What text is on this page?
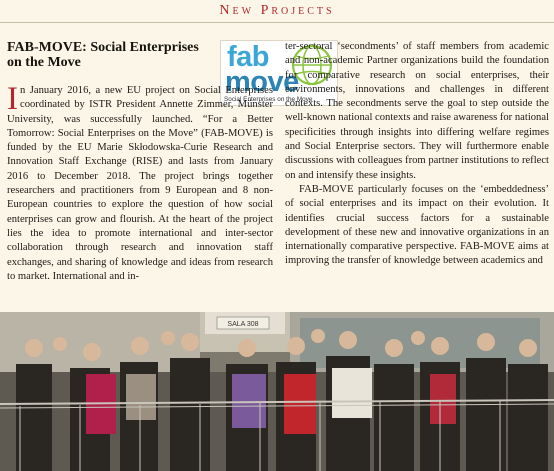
New Projects
FAB-MOVE: Social Enterprises on the Move	fab
move
Social Enterprises on the Move
In January 2016, a new EU project on Social Enterprises coordinated by ISTR President Annette Zimmer, Münster University, was successfully launched. “For a Better Tomorrow: Social Enterprises on the Move” (FAB-MOVE) is funded by the EU Marie Skłodowska-Curie Research and Innovation Staff Exchange (RISE) and lasts from January 2016 to December 2018. The project brings together researchers and practitioners from 9 European and 8 non-European countries to explore the question of how social enterprises can grow and flourish. At the heart of the project lies the idea to promote international and inter-sector collaboration through research and innovation staff exchanges, and sharing of knowledge and ideas from research to market. International and in-

ter-sectoral ‘secondments’ of staff members from academic and non-academic Partner organizations build the foundation for comparative research on social enterprises, their environments, innovations and challenges in different contexts. The secondments serve the goal to step outside the well-known national contexts and raise awareness for national specificities through insights into differing welfare regimes and Social Enterprise sectors. They will furthermore enable discussions with colleagues from partner institutions to reflect on and intensify these insights.

FAB-MOVE particularly focuses on the ‘embeddedness’ of social enterprises and its impact on their evolution. It identifies crucial success factors for a sustainable development of these new and innovative organizations in an internationally comparative perspective. FAB-MOVE aims at improving the transfer of knowledge between academics and

SALA 308
